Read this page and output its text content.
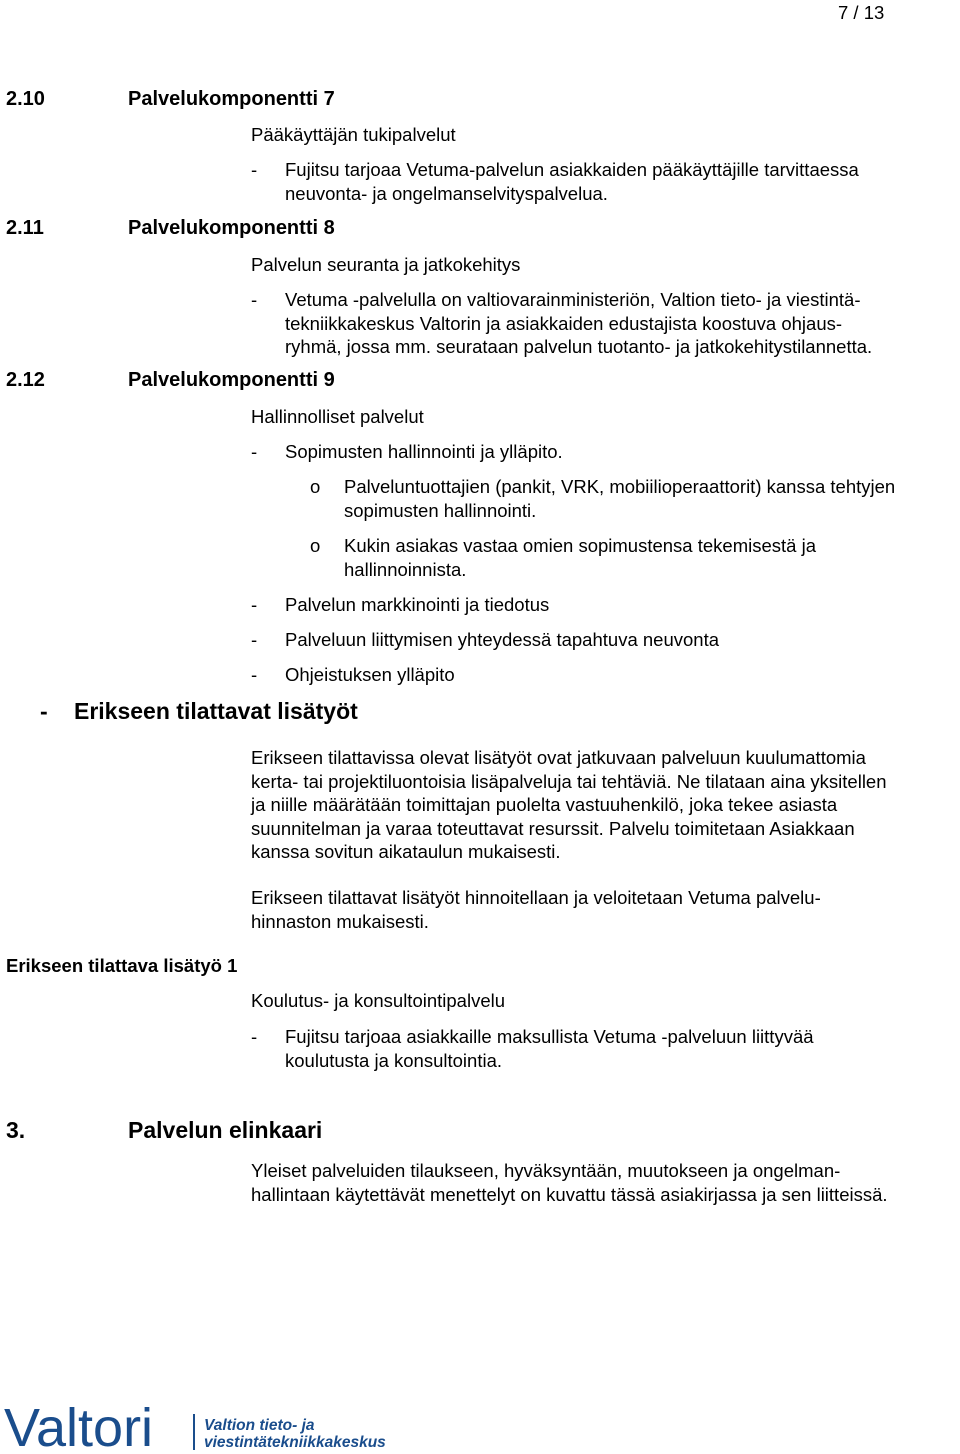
7 / 13
2.10	Palvelukomponentti 7
Pääkäyttäjän tukipalvelut
- Fujitsu tarjoaa Vetuma-palvelun asiakkaiden pääkäyttäjille tarvittaessa
neuvonta- ja ongelmanselvityspalvelua.
2.11	Palvelukomponentti 8
Palvelun seuranta ja jatkokehitys
- Vetuma -palvelulla on valtiovarainministeriön, Valtion tieto- ja viestintä-
tekniikkakeskus Valtorin ja asiakkaiden edustajista koostuva ohjaus-
ryhmä, jossa mm. seurataan palvelun tuotanto- ja jatkokehitystilannetta.
2.12	Palvelukomponentti 9
Hallinnolliset palvelut
- Sopimusten hallinnointi ja ylläpito.
o Palveluntuottajien (pankit, VRK, mobiilioperaattorit) kanssa tehtyjen
sopimusten hallinnointi.
o Kukin asiakas vastaa omien sopimustensa tekemisestä ja
hallinnoinnista.
- Palvelun markkinointi ja tiedotus
- Palveluun liittymisen yhteydessä tapahtuva neuvonta
- Ohjeistuksen ylläpito
- Erikseen tilattavat lisätyöt
Erikseen tilattavissa olevat lisätyöt ovat jatkuvaan palveluun kuulumattomia
kerta- tai projektiluontoisia lisäpalveluja tai tehtäviä. Ne tilataan aina yksitellen
ja niille määrätään toimittajan puolelta vastuuhenkilö, joka tekee asiasta
suunnitelman ja varaa toteuttavat resurssit. Palvelu toimitetaan Asiakkaan
kanssa sovitun aikataulun mukaisesti.
Erikseen tilattavat lisätyöt hinnoitellaan ja veloitetaan Vetuma palvelu-
hinnaston mukaisesti.
Erikseen tilattava lisätyö 1
Koulutus- ja konsultointipalvelu
- Fujitsu tarjoaa asiakkaille maksullista Vetuma -palveluun liittyvää
koulutusta ja konsultointia.
3.	Palvelun elinkaari
Yleiset palveluiden tilaukseen, hyväksyntään, muutokseen ja ongelman-
hallintaan käytettävät menettelyt on kuvattu tässä asiakirjassa ja sen liitteissä.
Valtori	Valtion tieto- ja
viestintätekniikkakeskus
